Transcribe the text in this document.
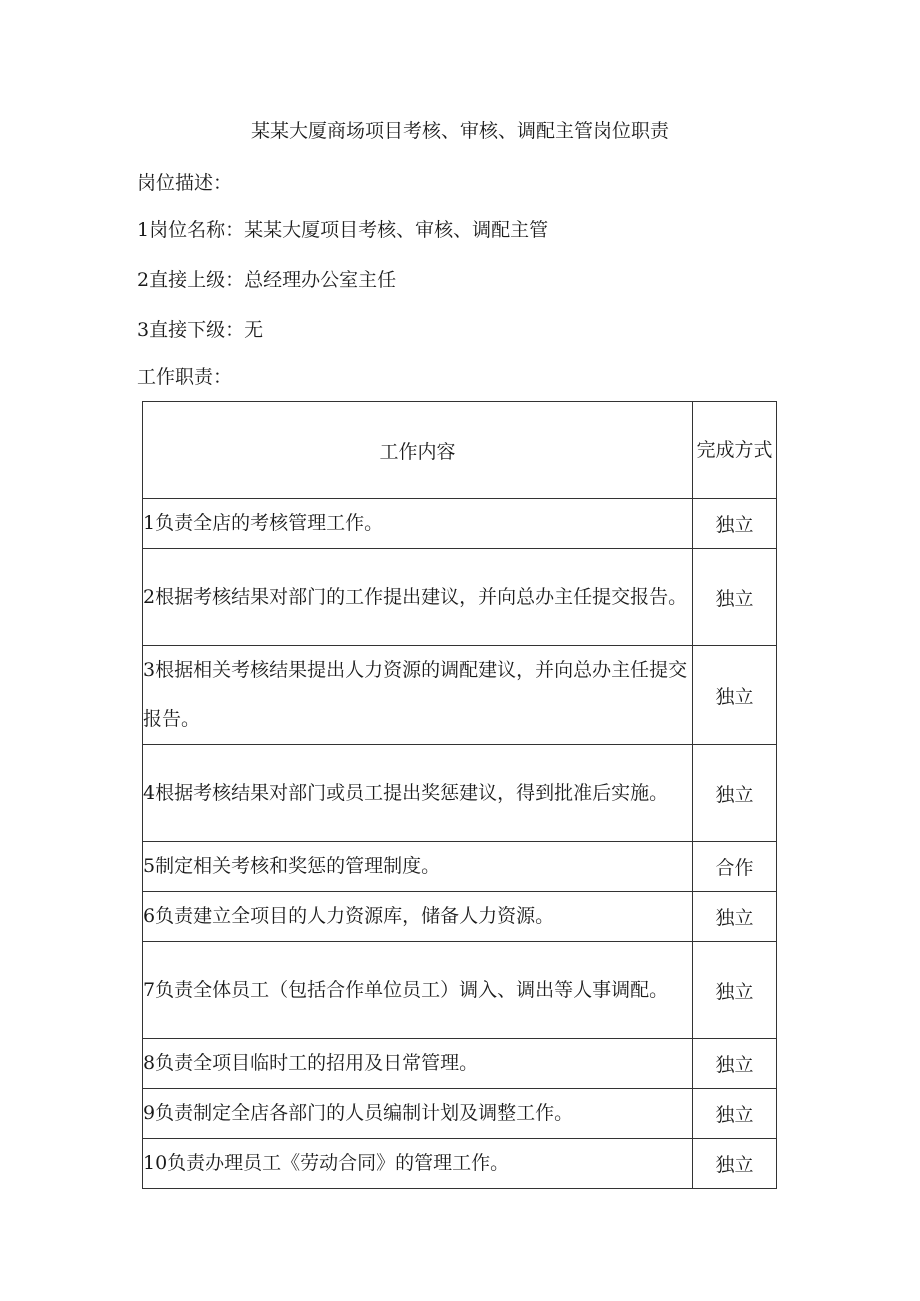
某某大厦商场项目考核、审核、调配主管岗位职责
岗位描述：
1岗位名称：某某大厦项目考核、审核、调配主管
2直接上级：总经理办公室主任
3直接下级：无
工作职责：
工作内容	完成方式
1负责全店的考核管理工作。	独立
2根据考核结果对部门的工作提出建议，并向总办主任提交报告。	独立
3根据相关考核结果提出人力资源的调配建议，并向总办主任提交报告。	独立
4根据考核结果对部门或员工提出奖惩建议，得到批准后实施。	独立
5制定相关考核和奖惩的管理制度。	合作
6负责建立全项目的人力资源库，储备人力资源。	独立
7负责全体员工（包括合作单位员工）调入、调出等人事调配。	独立
8负责全项目临时工的招用及日常管理。	独立
9负责制定全店各部门的人员编制计划及调整工作。	独立
10负责办理员工《劳动合同》的管理工作。	独立
